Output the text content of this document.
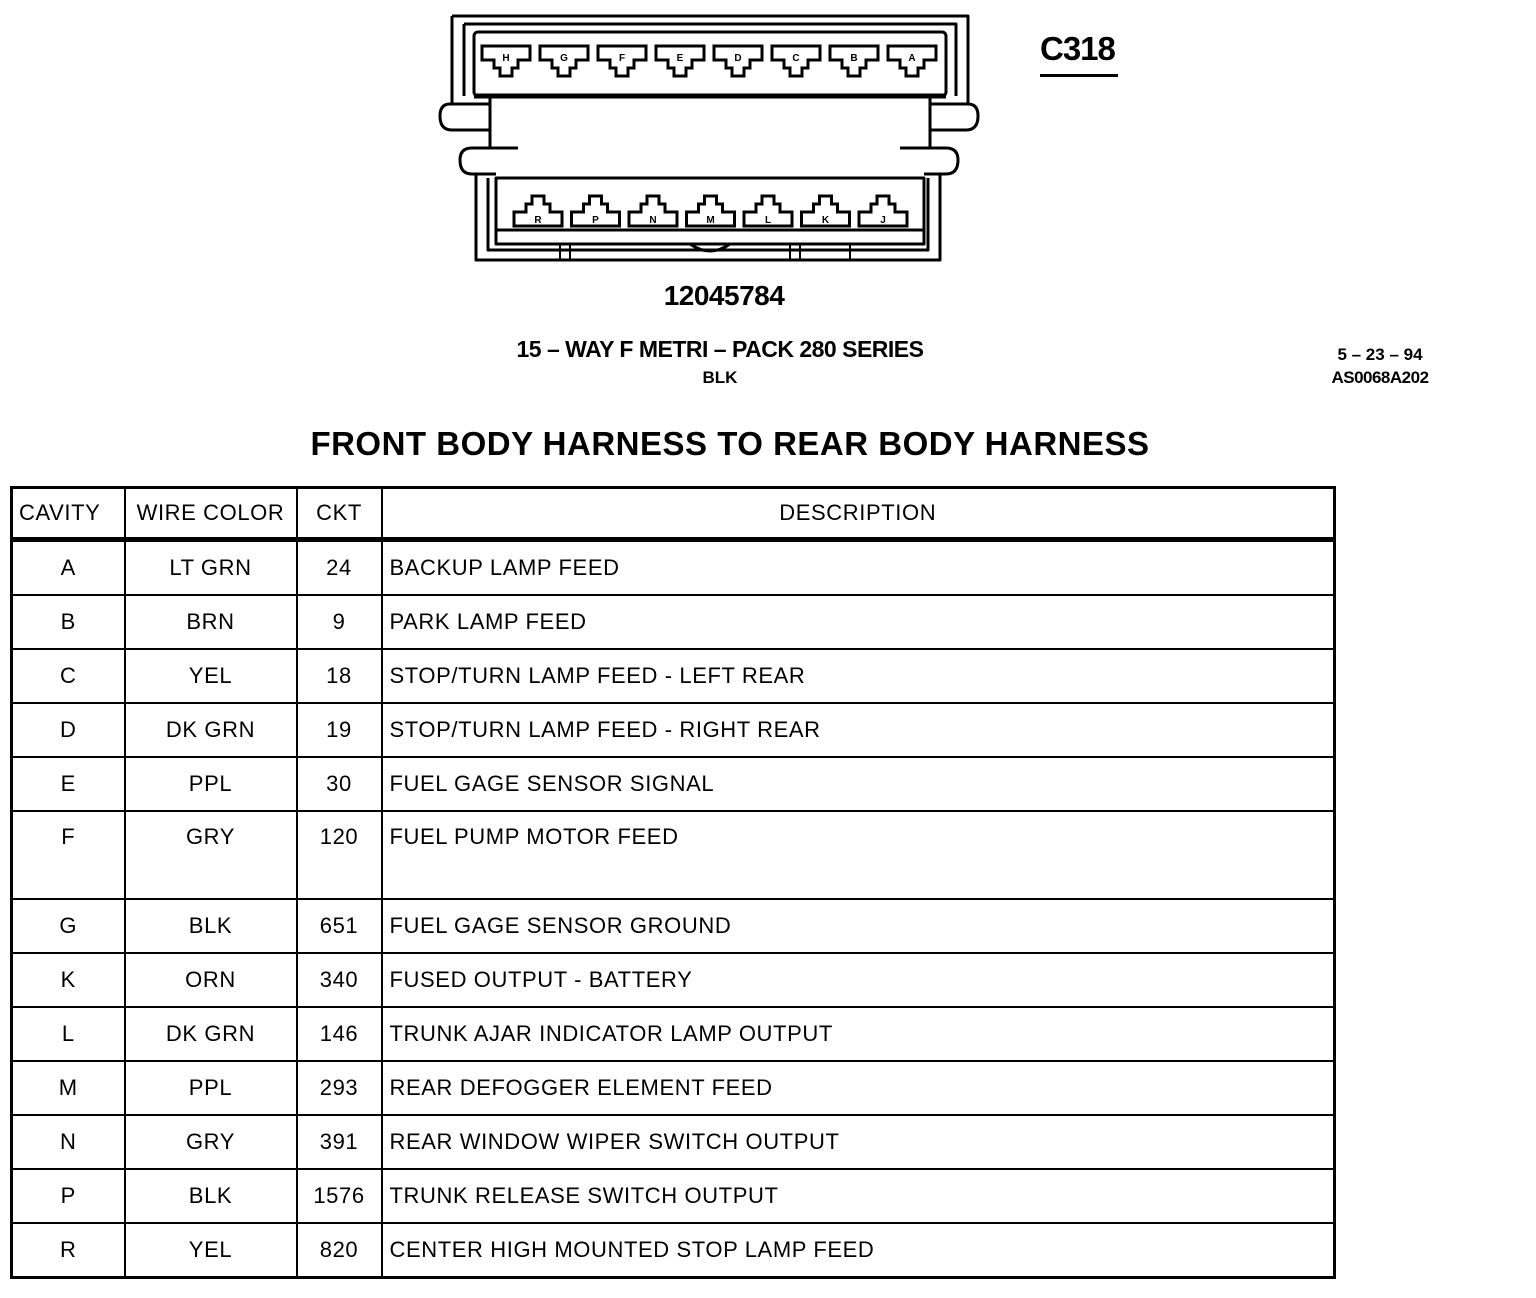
H	G	F	E	D	C	B	A
R	P	N	M	L	K	J
C318
12045784
15 – WAY F METRI – PACK 280 SERIES
BLK
5 – 23 – 94
AS0068A202
FRONT BODY HARNESS TO REAR BODY HARNESS
CAVITY	WIRE COLOR	CKT	DESCRIPTION
A	LT GRN	24	BACKUP LAMP FEED
B	BRN	9	PARK LAMP FEED
C	YEL	18	STOP/TURN LAMP FEED - LEFT REAR
D	DK GRN	19	STOP/TURN LAMP FEED - RIGHT REAR
E	PPL	30	FUEL GAGE SENSOR SIGNAL
F	GRY	120	FUEL PUMP MOTOR FEED
G	BLK	651	FUEL GAGE SENSOR GROUND
K	ORN	340	FUSED OUTPUT - BATTERY
L	DK GRN	146	TRUNK AJAR INDICATOR LAMP OUTPUT
M	PPL	293	REAR DEFOGGER ELEMENT FEED
N	GRY	391	REAR WINDOW WIPER SWITCH OUTPUT
P	BLK	1576	TRUNK RELEASE SWITCH OUTPUT
R	YEL	820	CENTER HIGH MOUNTED STOP LAMP FEED
